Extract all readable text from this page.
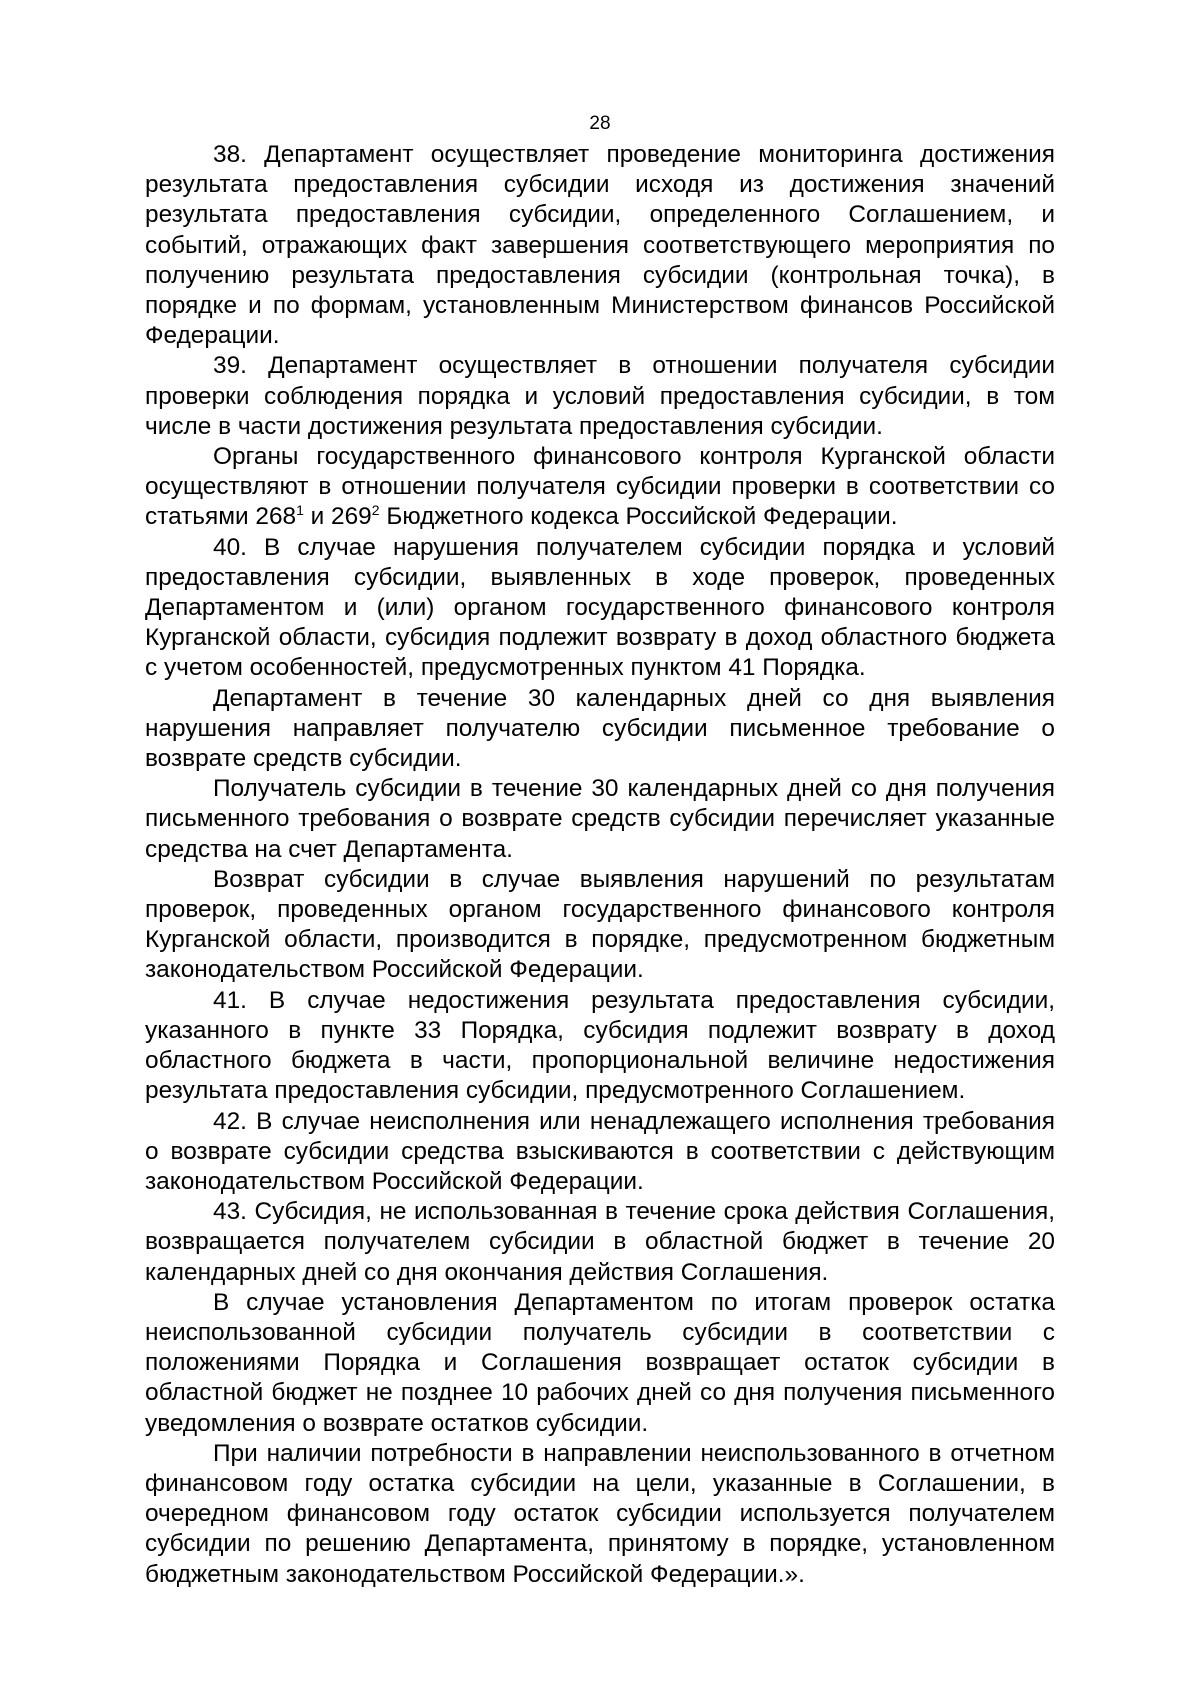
28

38. Департамент осуществляет проведение мониторинга достижения результата предоставления субсидии исходя из достижения значений результата предоставления субсидии, определенного Соглашением, и событий, отражающих факт завершения соответствующего мероприятия по получению результата предоставления субсидии (контрольная точка), в порядке и по формам, установленным Министерством финансов Российской Федерации.

39. Департамент осуществляет в отношении получателя субсидии проверки соблюдения порядка и условий предоставления субсидии, в том числе в части достижения результата предоставления субсидии.

Органы государственного финансового контроля Курганской области осуществляют в отношении получателя субсидии проверки в соответствии со статьями $268^1$ и $269^2$ Бюджетного кодекса Российской Федерации.

40. В случае нарушения получателем субсидии порядка и условий предоставления субсидии, выявленных в ходе проверок, проведенных Департаментом и (или) органом государственного финансового контроля Курганской области, субсидия подлежит возврату в доход областного бюджета с учетом особенностей, предусмотренных пунктом 41 Порядка.

Департамент в течение 30 календарных дней со дня выявления нарушения направляет получателю субсидии письменное требование о возврате средств субсидии.

Получатель субсидии в течение 30 календарных дней со дня получения письменного требования о возврате средств субсидии перечисляет указанные средства на счет Департамента.

Возврат субсидии в случае выявления нарушений по результатам проверок, проведенных органом государственного финансового контроля Курганской области, производится в порядке, предусмотренном бюджетным законодательством Российской Федерации.

41. В случае недостижения результата предоставления субсидии, указанного в пункте 33 Порядка, субсидия подлежит возврату в доход областного бюджета в части, пропорциональной величине недостижения результата предоставления субсидии, предусмотренного Соглашением.

42. В случае неисполнения или ненадлежащего исполнения требования о возврате субсидии средства взыскиваются в соответствии с действующим законодательством Российской Федерации.

43. Субсидия, не использованная в течение срока действия Соглашения, возвращается получателем субсидии в областной бюджет в течение 20 календарных дней со дня окончания действия Соглашения.

В случае установления Департаментом по итогам проверок остатка неиспользованной субсидии получатель субсидии в соответствии с положениями Порядка и Соглашения возвращает остаток субсидии в областной бюджет не позднее 10 рабочих дней со дня получения письменного уведомления о возврате остатков субсидии.

При наличии потребности в направлении неиспользованного в отчетном финансовом году остатка субсидии на цели, указанные в Соглашении, в очередном финансовом году остаток субсидии используется получателем субсидии по решению Департамента, принятому в порядке, установленном бюджетным законодательством Российской Федерации.».
